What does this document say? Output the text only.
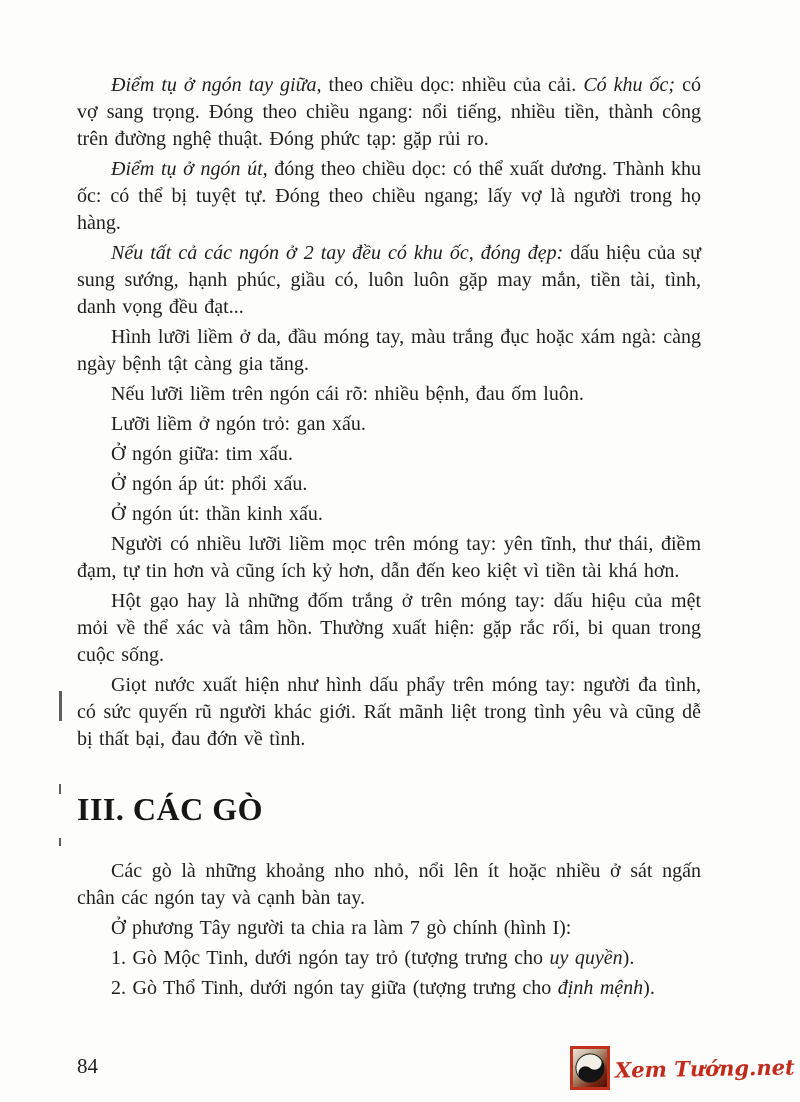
Điểm tụ ở ngón tay giữa, theo chiều dọc: nhiều của cải. Có khu ốc; có vợ sang trọng. Đóng theo chiều ngang: nổi tiếng, nhiều tiền, thành công trên đường nghệ thuật. Đóng phức tạp: gặp rủi ro.

Điểm tụ ở ngón út, đóng theo chiều dọc: có thể xuất dương. Thành khu ốc: có thể bị tuyệt tự. Đóng theo chiều ngang; lấy vợ là người trong họ hàng.

Nếu tất cả các ngón ở 2 tay đều có khu ốc, đóng đẹp: dấu hiệu của sự sung sướng, hạnh phúc, giầu có, luôn luôn gặp may mắn, tiền tài, tình, danh vọng đều đạt...

Hình lưỡi liềm ở da, đầu móng tay, màu trắng đục hoặc xám ngà: càng ngày bệnh tật càng gia tăng.

Nếu lưỡi liềm trên ngón cái rõ: nhiều bệnh, đau ốm luôn.

Lưỡi liềm ở ngón trỏ: gan xấu.

Ở ngón giữa: tim xấu.

Ở ngón áp út: phổi xấu.

Ở ngón út: thần kinh xấu.

Người có nhiều lưỡi liềm mọc trên móng tay: yên tĩnh, thư thái, điềm đạm, tự tin hơn và cũng ích kỷ hơn, dẫn đến keo kiệt vì tiền tài khá hơn.

Hột gạo hay là những đốm trắng ở trên móng tay: dấu hiệu của mệt mỏi về thể xác và tâm hồn. Thường xuất hiện: gặp rắc rối, bi quan trong cuộc sống.

Giọt nước xuất hiện như hình dấu phẩy trên móng tay: người đa tình, có sức quyến rũ người khác giới. Rất mãnh liệt trong tình yêu và cũng dễ bị thất bại, đau đớn về tình.

III. CÁC GÒ

Các gò là những khoảng nho nhỏ, nổi lên ít hoặc nhiều ở sát ngấn chân các ngón tay và cạnh bàn tay.

Ở phương Tây người ta chia ra làm 7 gò chính (hình I):

1. Gò Mộc Tinh, dưới ngón tay trỏ (tượng trưng cho uy quyền).

2. Gò Thổ Tinh, dưới ngón tay giữa (tượng trưng cho định mệnh).

84	Xem Tướng.net
